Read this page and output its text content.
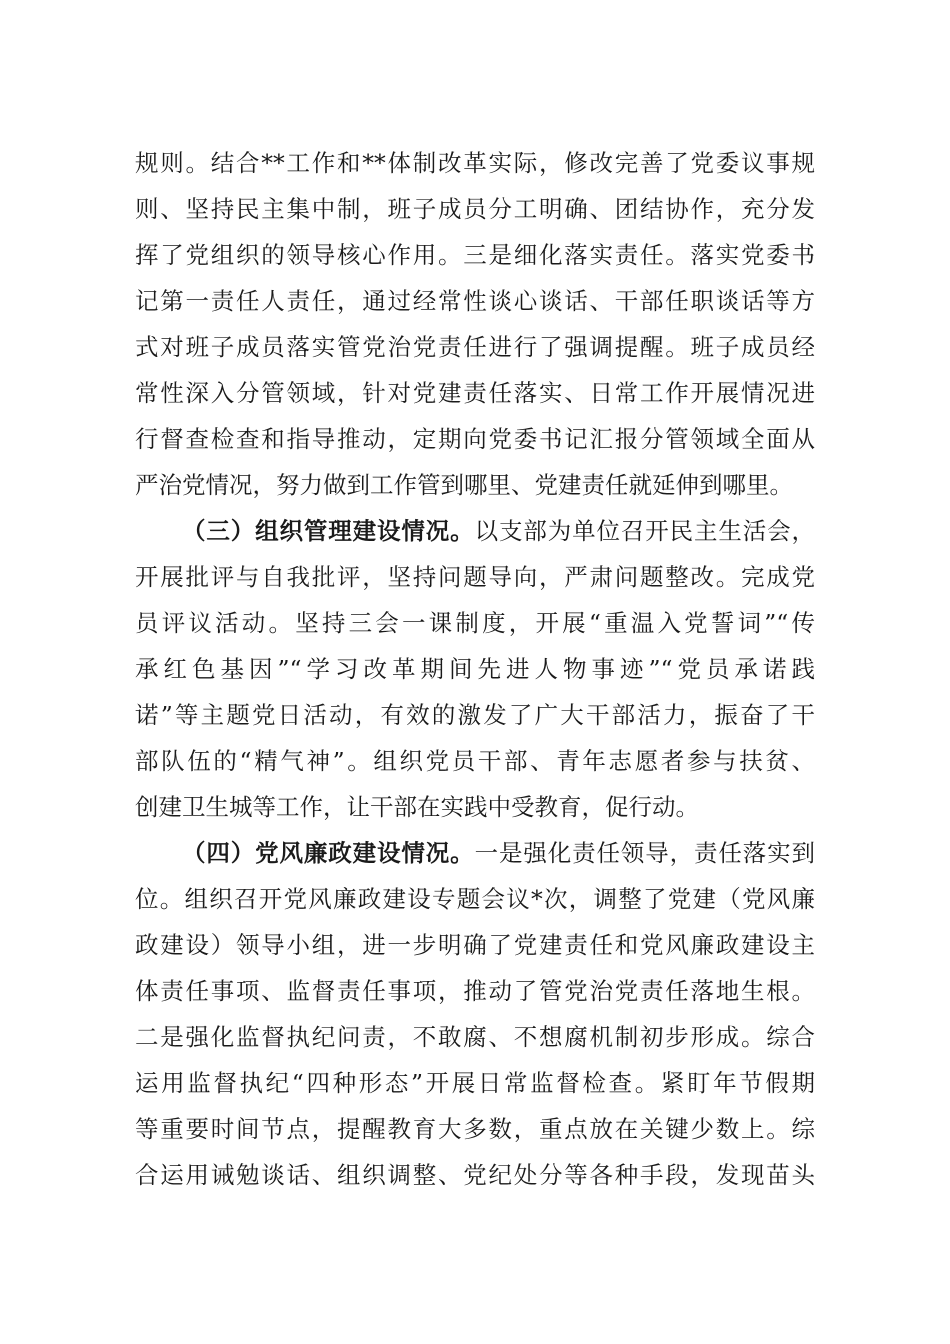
规则。结合**工作和**体制改革实际，修改完善了党委议事规
则、坚持民主集中制，班子成员分工明确、团结协作，充分发
挥了党组织的领导核心作用。三是细化落实责任。落实党委书
记第一责任人责任，通过经常性谈心谈话、干部任职谈话等方
式对班子成员落实管党治党责任进行了强调提醒。班子成员经
常性深入分管领域，针对党建责任落实、日常工作开展情况进
行督查检查和指导推动，定期向党委书记汇报分管领域全面从
严治党情况，努力做到工作管到哪里、党建责任就延伸到哪里。
（三）组织管理建设情况。以支部为单位召开民主生活会，
开展批评与自我批评，坚持问题导向，严肃问题整改。完成党
员评议活动。坚持三会一课制度，开展“重温入党誓词”“传
承红色基因”“学习改革期间先进人物事迹”“党员承诺践
诺”等主题党日活动，有效的激发了广大干部活力，振奋了干
部队伍的“精气神”。组织党员干部、青年志愿者参与扶贫、
创建卫生城等工作，让干部在实践中受教育，促行动。
（四）党风廉政建设情况。一是强化责任领导，责任落实到
位。组织召开党风廉政建设专题会议*次，调整了党建（党风廉
政建设）领导小组，进一步明确了党建责任和党风廉政建设主
体责任事项、监督责任事项，推动了管党治党责任落地生根。
二是强化监督执纪问责，不敢腐、不想腐机制初步形成。综合
运用监督执纪“四种形态”开展日常监督检查。紧盯年节假期
等重要时间节点，提醒教育大多数，重点放在关键少数上。综
合运用诫勉谈话、组织调整、党纪处分等各种手段，发现苗头
